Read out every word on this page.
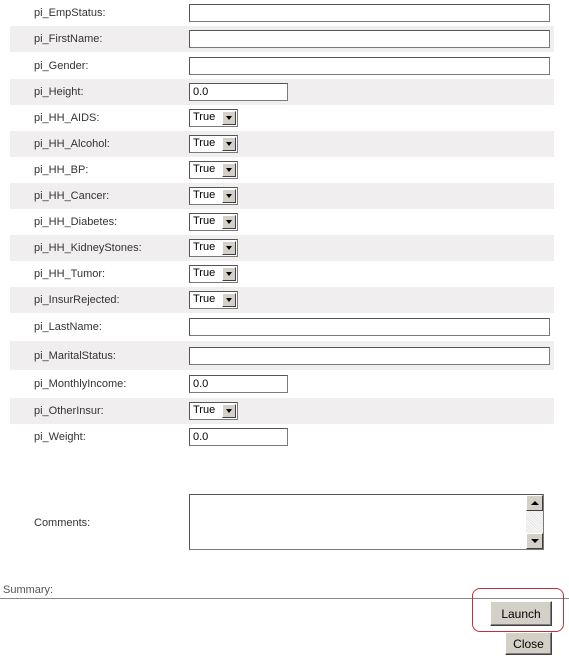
pi_EmpStatus:
pi_FirstName:
pi_Gender:
pi_Height:
0.0
pi_HH_AIDS:	True
pi_HH_Alcohol:	True
pi_HH_BP:	True
pi_HH_Cancer:	True
pi_HH_Diabetes:	True
pi_HH_KidneyStones:	True
pi_HH_Tumor:	True
pi_InsurRejected:	True
pi_LastName:
pi_MaritalStatus:
pi_MonthlyIncome:
0.0
pi_OtherInsur:	True
pi_Weight:
0.0
Comments:
Summary:
Launch
Close
